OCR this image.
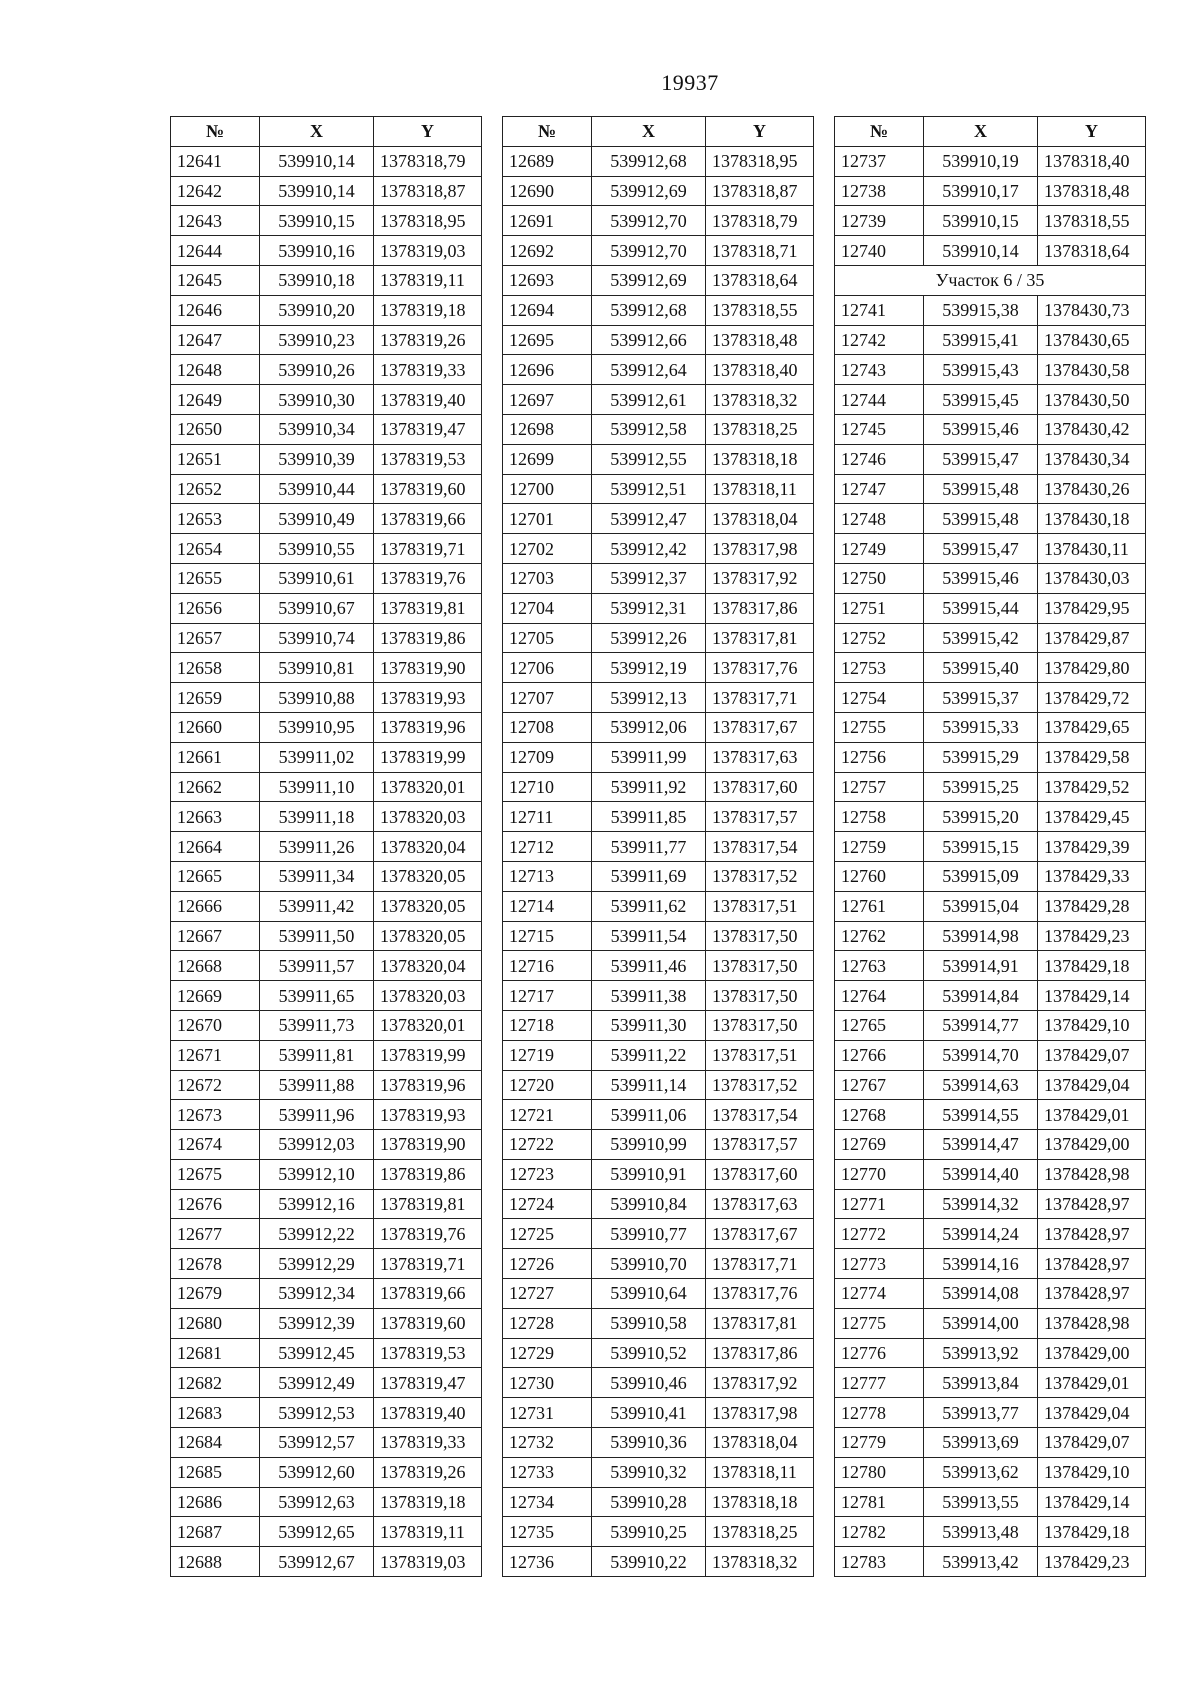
19937
№	X	Y
12641	539910,14	1378318,79
12642	539910,14	1378318,87
12643	539910,15	1378318,95
12644	539910,16	1378319,03
12645	539910,18	1378319,11
12646	539910,20	1378319,18
12647	539910,23	1378319,26
12648	539910,26	1378319,33
12649	539910,30	1378319,40
12650	539910,34	1378319,47
12651	539910,39	1378319,53
12652	539910,44	1378319,60
12653	539910,49	1378319,66
12654	539910,55	1378319,71
12655	539910,61	1378319,76
12656	539910,67	1378319,81
12657	539910,74	1378319,86
12658	539910,81	1378319,90
12659	539910,88	1378319,93
12660	539910,95	1378319,96
12661	539911,02	1378319,99
12662	539911,10	1378320,01
12663	539911,18	1378320,03
12664	539911,26	1378320,04
12665	539911,34	1378320,05
12666	539911,42	1378320,05
12667	539911,50	1378320,05
12668	539911,57	1378320,04
12669	539911,65	1378320,03
12670	539911,73	1378320,01
12671	539911,81	1378319,99
12672	539911,88	1378319,96
12673	539911,96	1378319,93
12674	539912,03	1378319,90
12675	539912,10	1378319,86
12676	539912,16	1378319,81
12677	539912,22	1378319,76
12678	539912,29	1378319,71
12679	539912,34	1378319,66
12680	539912,39	1378319,60
12681	539912,45	1378319,53
12682	539912,49	1378319,47
12683	539912,53	1378319,40
12684	539912,57	1378319,33
12685	539912,60	1378319,26
12686	539912,63	1378319,18
12687	539912,65	1378319,11
12688	539912,67	1378319,03
№	X	Y
12689	539912,68	1378318,95
12690	539912,69	1378318,87
12691	539912,70	1378318,79
12692	539912,70	1378318,71
12693	539912,69	1378318,64
12694	539912,68	1378318,55
12695	539912,66	1378318,48
12696	539912,64	1378318,40
12697	539912,61	1378318,32
12698	539912,58	1378318,25
12699	539912,55	1378318,18
12700	539912,51	1378318,11
12701	539912,47	1378318,04
12702	539912,42	1378317,98
12703	539912,37	1378317,92
12704	539912,31	1378317,86
12705	539912,26	1378317,81
12706	539912,19	1378317,76
12707	539912,13	1378317,71
12708	539912,06	1378317,67
12709	539911,99	1378317,63
12710	539911,92	1378317,60
12711	539911,85	1378317,57
12712	539911,77	1378317,54
12713	539911,69	1378317,52
12714	539911,62	1378317,51
12715	539911,54	1378317,50
12716	539911,46	1378317,50
12717	539911,38	1378317,50
12718	539911,30	1378317,50
12719	539911,22	1378317,51
12720	539911,14	1378317,52
12721	539911,06	1378317,54
12722	539910,99	1378317,57
12723	539910,91	1378317,60
12724	539910,84	1378317,63
12725	539910,77	1378317,67
12726	539910,70	1378317,71
12727	539910,64	1378317,76
12728	539910,58	1378317,81
12729	539910,52	1378317,86
12730	539910,46	1378317,92
12731	539910,41	1378317,98
12732	539910,36	1378318,04
12733	539910,32	1378318,11
12734	539910,28	1378318,18
12735	539910,25	1378318,25
12736	539910,22	1378318,32
№	X	Y
12737	539910,19	1378318,40
12738	539910,17	1378318,48
12739	539910,15	1378318,55
12740	539910,14	1378318,64
Участок 6 / 35		
12741	539915,38	1378430,73
12742	539915,41	1378430,65
12743	539915,43	1378430,58
12744	539915,45	1378430,50
12745	539915,46	1378430,42
12746	539915,47	1378430,34
12747	539915,48	1378430,26
12748	539915,48	1378430,18
12749	539915,47	1378430,11
12750	539915,46	1378430,03
12751	539915,44	1378429,95
12752	539915,42	1378429,87
12753	539915,40	1378429,80
12754	539915,37	1378429,72
12755	539915,33	1378429,65
12756	539915,29	1378429,58
12757	539915,25	1378429,52
12758	539915,20	1378429,45
12759	539915,15	1378429,39
12760	539915,09	1378429,33
12761	539915,04	1378429,28
12762	539914,98	1378429,23
12763	539914,91	1378429,18
12764	539914,84	1378429,14
12765	539914,77	1378429,10
12766	539914,70	1378429,07
12767	539914,63	1378429,04
12768	539914,55	1378429,01
12769	539914,47	1378429,00
12770	539914,40	1378428,98
12771	539914,32	1378428,97
12772	539914,24	1378428,97
12773	539914,16	1378428,97
12774	539914,08	1378428,97
12775	539914,00	1378428,98
12776	539913,92	1378429,00
12777	539913,84	1378429,01
12778	539913,77	1378429,04
12779	539913,69	1378429,07
12780	539913,62	1378429,10
12781	539913,55	1378429,14
12782	539913,48	1378429,18
12783	539913,42	1378429,23
